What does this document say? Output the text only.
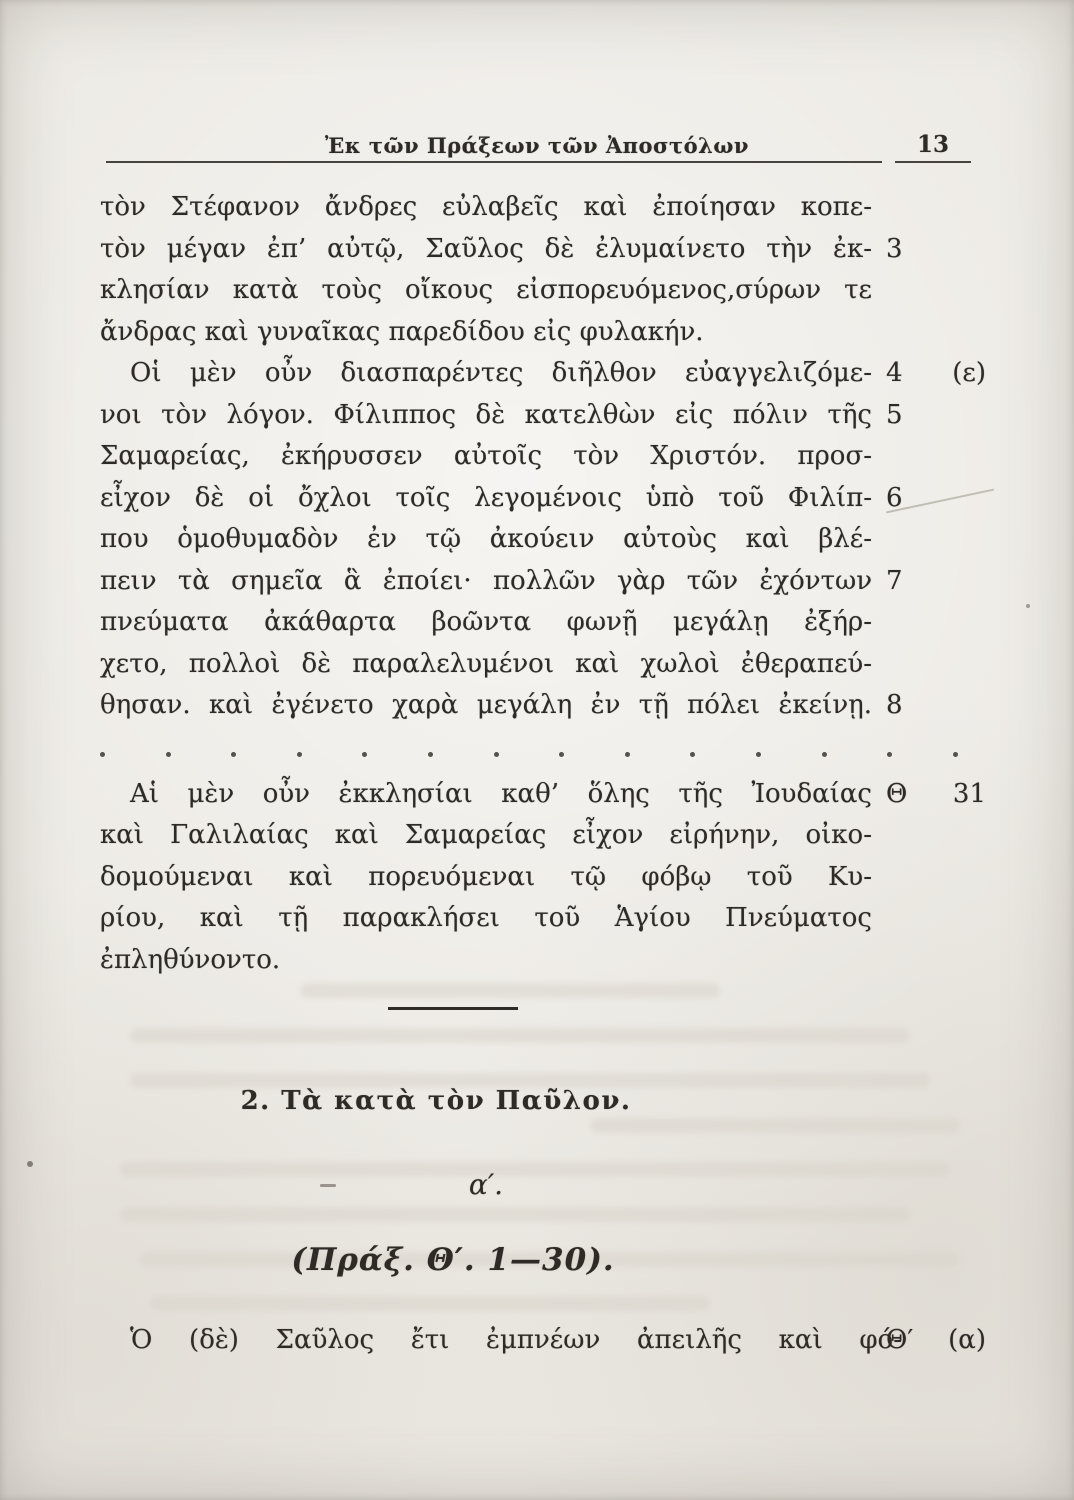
Ἐκ τῶν Πράξεων τῶν Ἀποστόλων	13
τὸν Στέφανον ἄνδρες εὐλαβεῖς καὶ ἐποίησαν κοπε-
τὸν μέγαν ἐπ’ αὐτῷ, Σαῦλος δὲ ἐλυμαίνετο τὴν ἐκ- 3
κλησίαν κατὰ τοὺς οἴκους εἰσπορευόμενος,σύρων τε
ἄνδρας καὶ γυναῖκας παρεδίδου εἰς φυλακήν.
Οἱ μὲν οὖν διασπαρέντες διῆλθον εὐαγγελιζόμε- 4 (ε)
νοι τὸν λόγον. Φίλιππος δὲ κατελθὼν εἰς πόλιν τῆς 5
Σαμαρείας, ἐκήρυσσεν αὐτοῖς τὸν Χριστόν. προσ-
εἶχον δὲ οἱ ὄχλοι τοῖς λεγομένοις ὑπὸ τοῦ Φιλίπ- 6
που ὁμοθυμαδὸν ἐν τῷ ἀκούειν αὐτοὺς καὶ βλέ-
πειν τὰ σημεῖα ἃ ἐποίει· πολλῶν γὰρ τῶν ἐχόντων 7
πνεύματα ἀκάθαρτα βοῶντα φωνῇ μεγάλῃ ἐξήρ-
χετο, πολλοὶ δὲ παραλελυμένοι καὶ χωλοὶ ἐθεραπεύ-
θησαν. καὶ ἐγένετο χαρὰ μεγάλη ἐν τῇ πόλει ἐκείνῃ. 8
Αἱ μὲν οὖν ἐκκλησίαι καθ’ ὅλης τῆς Ἰουδαίας Θ 31
καὶ Γαλιλαίας καὶ Σαμαρείας εἶχον εἰρήνην, οἰκο-
δομούμεναι καὶ πορευόμεναι τῷ φόβῳ τοῦ Κυ-
ρίου, καὶ τῇ παρακλήσει τοῦ Ἁγίου Πνεύματος
ἐπληθύνοντο.
2. Τὰ κατὰ τὸν Παῦλον.
α′.
(Πράξ. Θ′. 1—30).
Ὁ (δὲ) Σαῦλος ἔτι ἐμπνέων ἀπειλῆς καὶ φό-
Θ′ (α)
